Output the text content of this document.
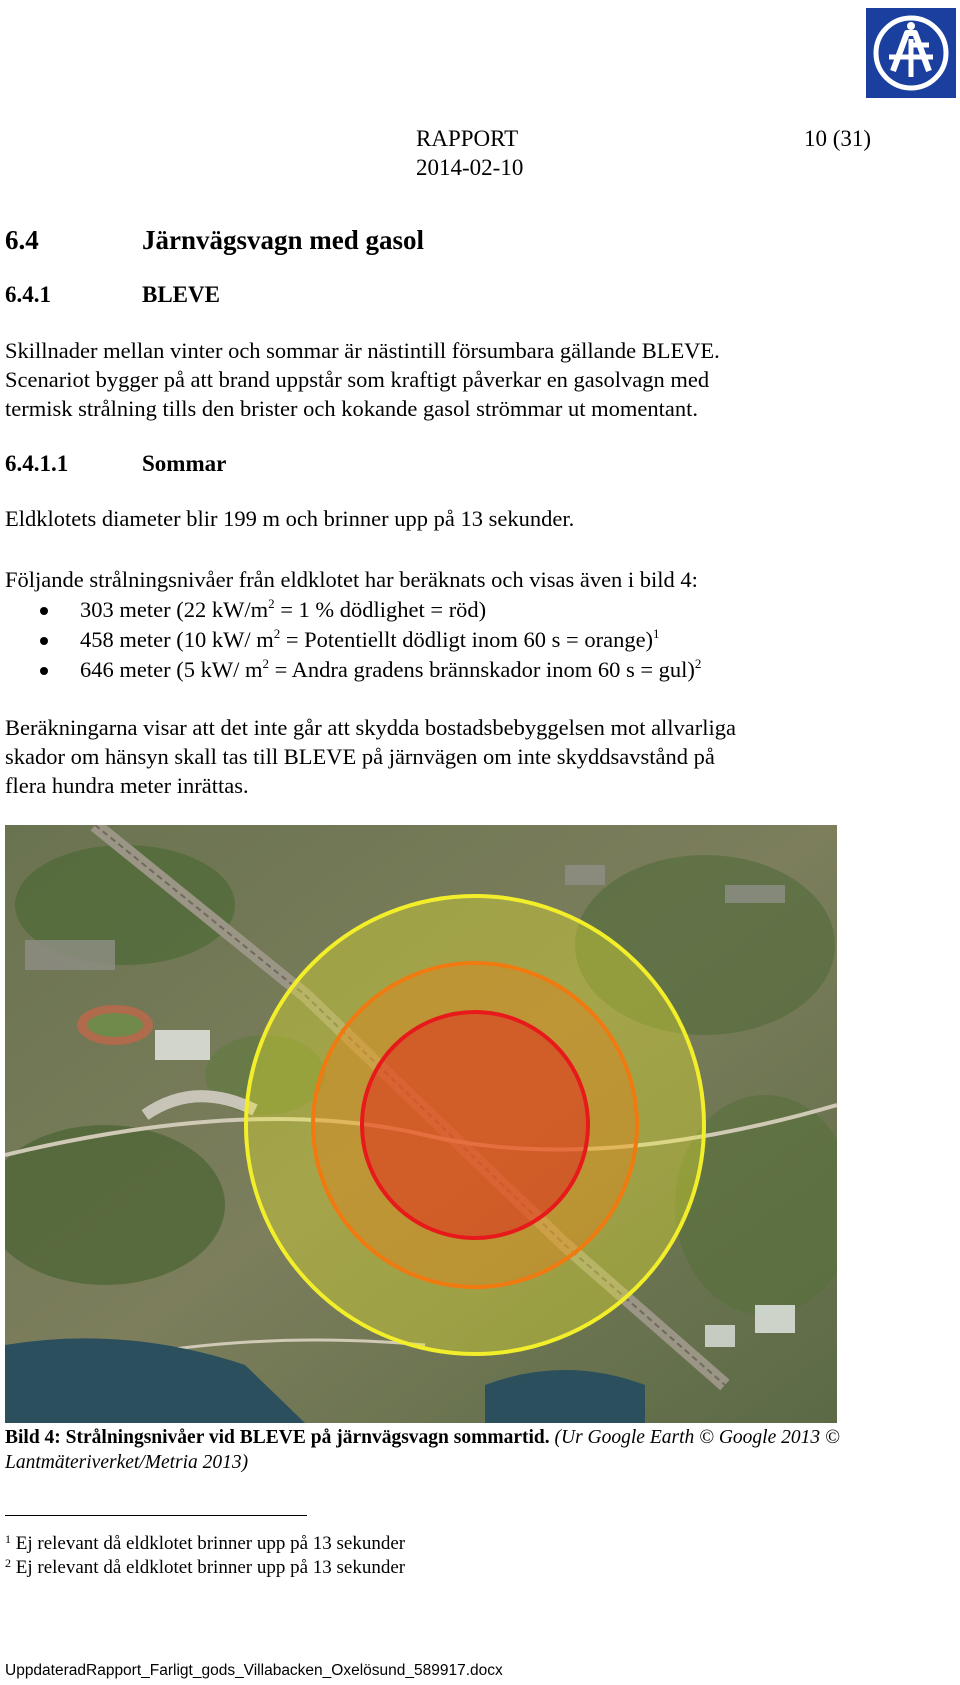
RAPPORT	10 (31)
2014-02-10
6.4	Järnvägsvagn med gasol
6.4.1	BLEVE
Skillnader mellan vinter och sommar är nästintill försumbara gällande BLEVE.
Scenariot bygger på att brand uppstår som kraftigt påverkar en gasolvagn med
termisk strålning tills den brister och kokande gasol strömmar ut momentant.
6.4.1.1	Sommar
Eldklotets diameter blir 199 m och brinner upp på 13 sekunder.
Följande strålningsnivåer från eldklotet har beräknats och visas även i bild 4:
303 meter (22 $kW/m^2 = 1$ % dödlighet = röd)
458 meter (10 kW/ $m^2$ = Potentiellt dödligt inom 60 s = orange)$^1$
646 meter (5 kW/ $m^2$ = Andra gradens brännskador inom 60 s = gul)$^2$
Beräkningarna visar att det inte går att skydda bostadsbebyggelsen mot allvarliga
skador om hänsyn skall tas till BLEVE på järnvägen om inte skyddsavstånd på
flera hundra meter inrättas.
Bild 4: Strålningsnivåer vid BLEVE på järnvägsvagn sommartid. (Ur Google Earth © Google 2013 © Lantmäteriverket/Metria 2013)
$^1$ Ej relevant då eldklotet brinner upp på 13 sekunder
$^2$ Ej relevant då eldklotet brinner upp på 13 sekunder
UppdateradRapport_Farligt_gods_Villabacken_Oxelösund_589917.docx
